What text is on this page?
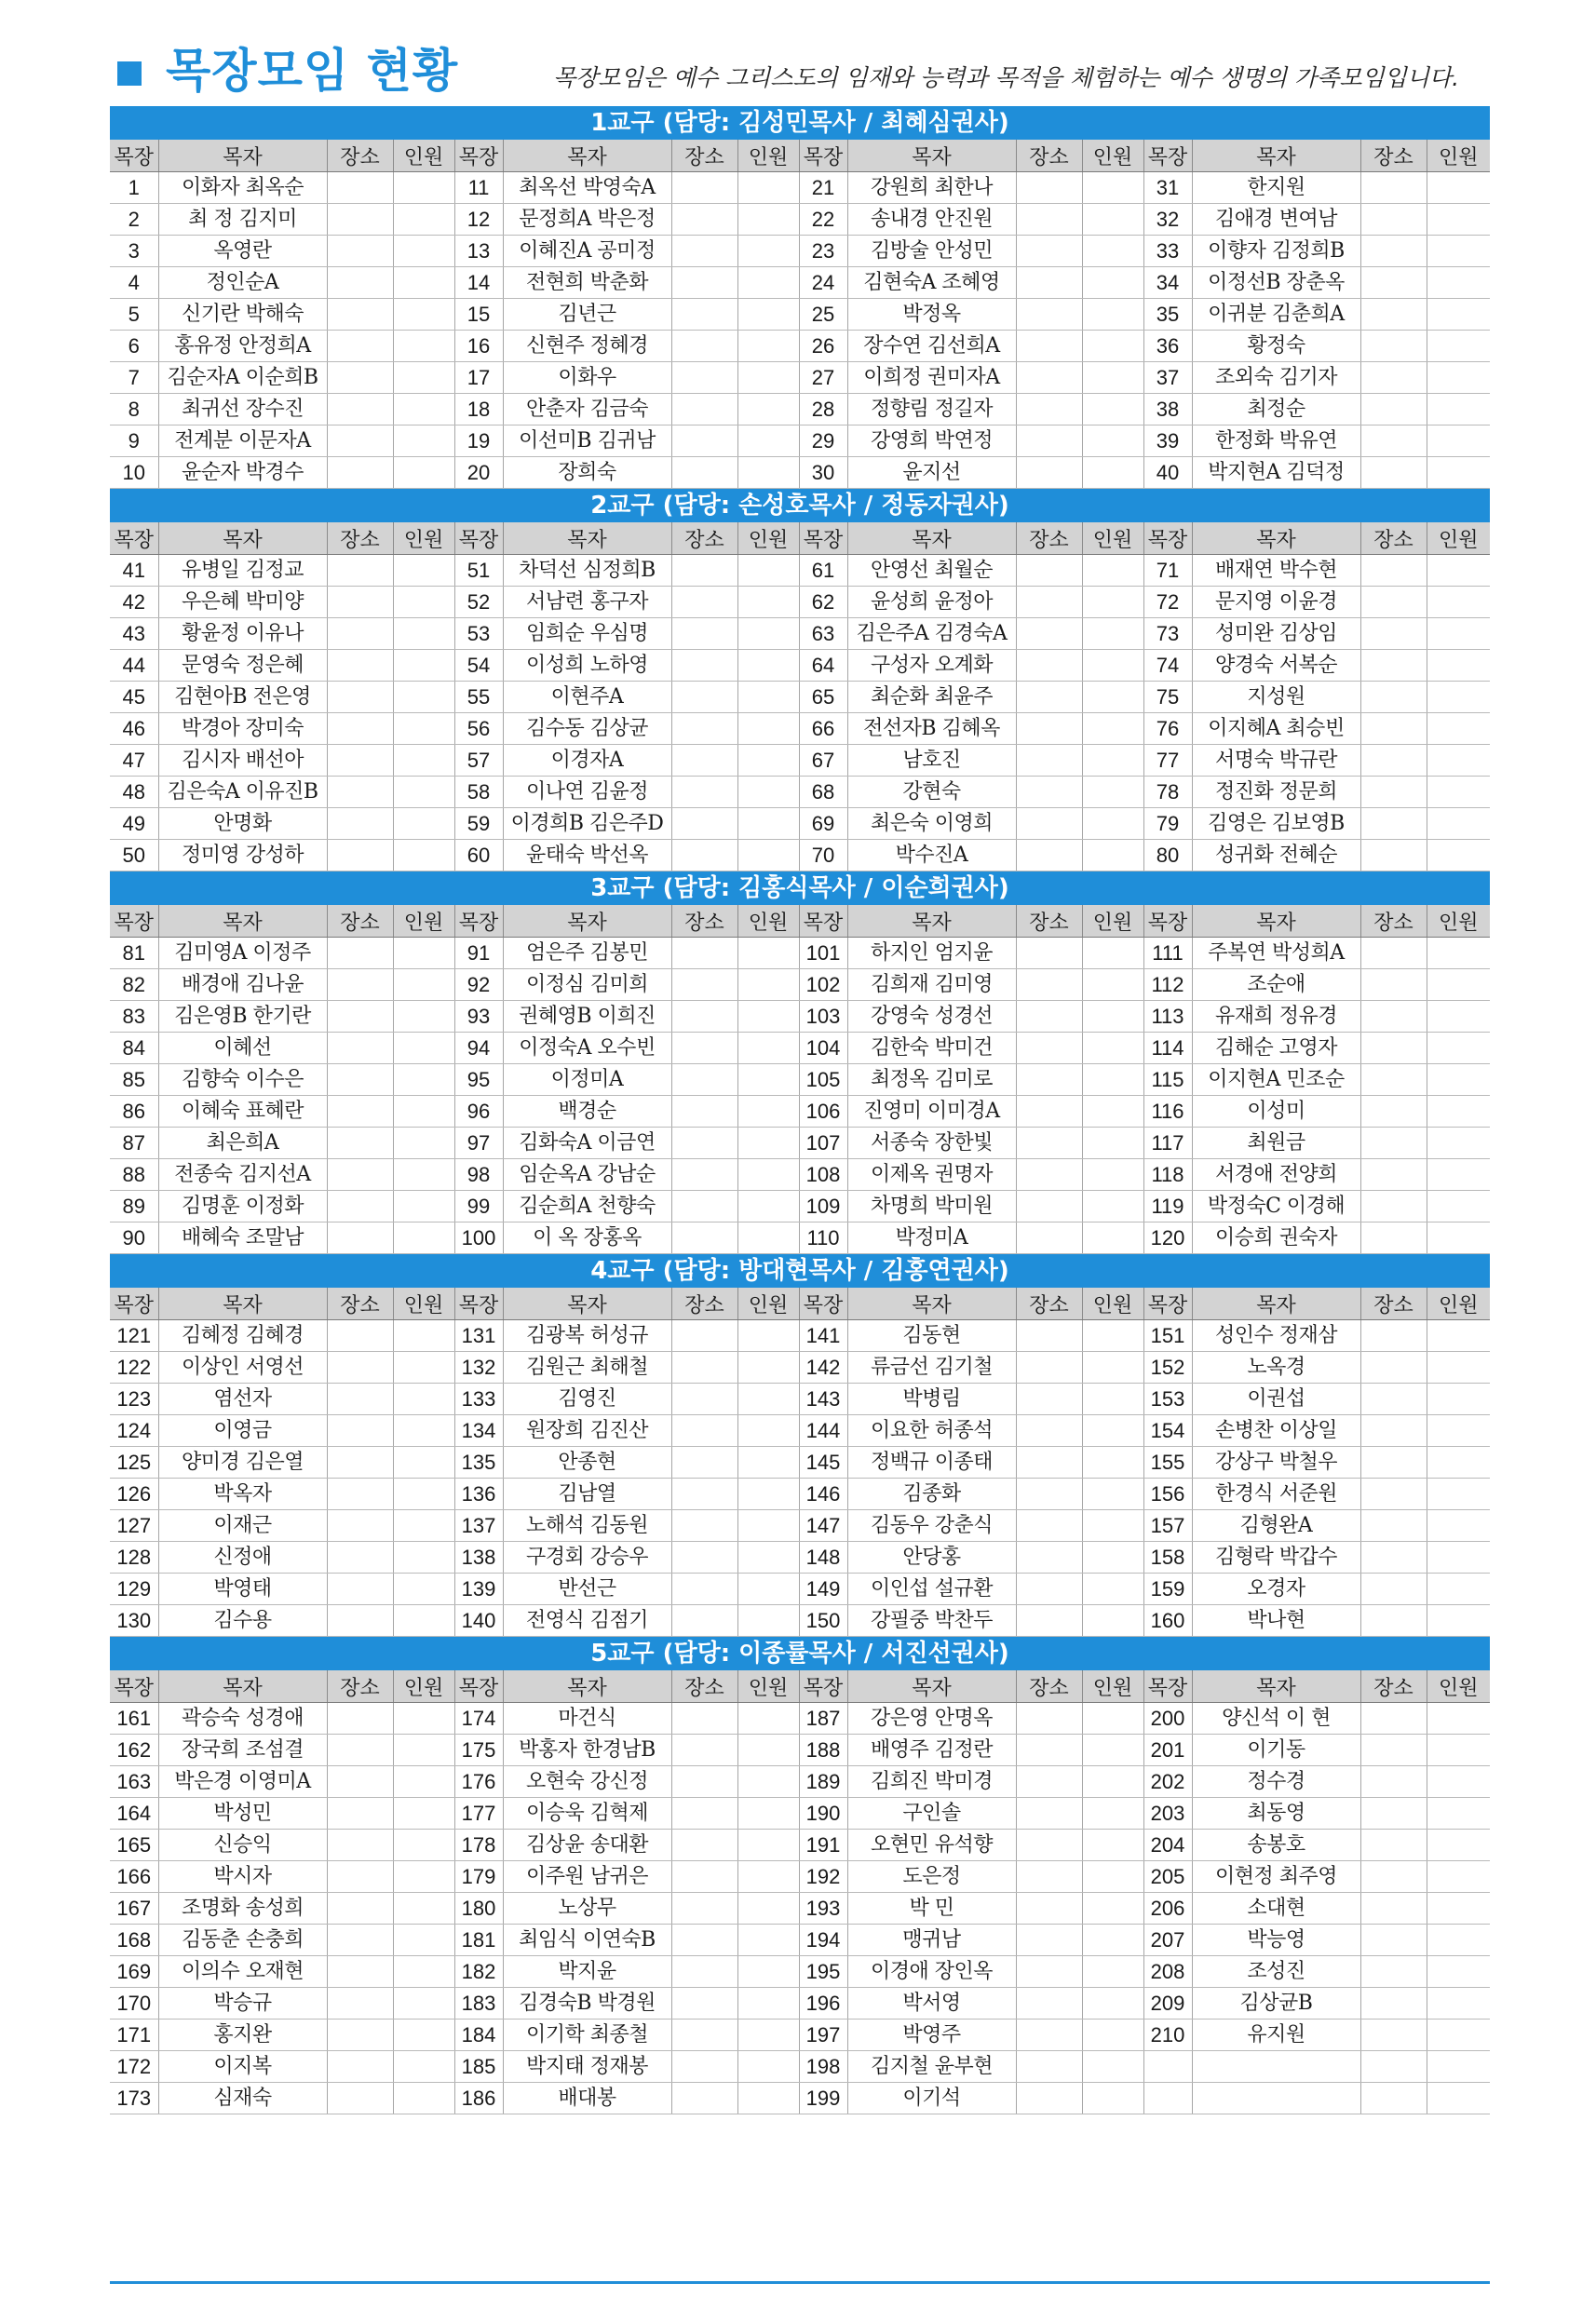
목장모임 현황	목장모임은 예수 그리스도의 임재와 능력과 목적을 체험하는 예수 생명의 가족모임입니다.
1교구 (담당: 김성민목사 / 최혜심권사)
목장	목자	장소	인원	목장	목자	장소	인원	목장	목자	장소	인원	목장	목자	장소	인원
1	이화자 최옥순			11	최옥선 박영숙A			21	강원희 최한나			31	한지원		
2	최 정 김지미			12	문정희A 박은정			22	송내경 안진원			32	김애경 변여남		
3	옥영란			13	이혜진A 공미정			23	김방술 안성민			33	이향자 김정희B		
4	정인순A			14	전현희 박춘화			24	김현숙A 조혜영			34	이정선B 장춘옥		
5	신기란 박해숙			15	김년근			25	박정옥			35	이귀분 김춘희A		
6	홍유정 안정희A			16	신현주 정혜경			26	장수연 김선희A			36	황정숙		
7	김순자A 이순희B			17	이화우			27	이희정 권미자A			37	조외숙 김기자		
8	최귀선 장수진			18	안춘자 김금숙			28	정향림 정길자			38	최정순		
9	전계분 이문자A			19	이선미B 김귀남			29	강영희 박연정			39	한정화 박유연		
10	윤순자 박경수			20	장희숙			30	윤지선			40	박지현A 김덕정		
2교구 (담당: 손성호목사 / 정동자권사)
목장	목자	장소	인원	목장	목자	장소	인원	목장	목자	장소	인원	목장	목자	장소	인원
41	유병일 김정교			51	차덕선 심정희B			61	안영선 최월순			71	배재연 박수현		
42	우은혜 박미양			52	서남련 홍구자			62	윤성희 윤정아			72	문지영 이윤경		
43	황윤정 이유나			53	임희순 우심명			63	김은주A 김경숙A			73	성미완 김상임		
44	문영숙 정은혜			54	이성희 노하영			64	구성자 오계화			74	양경숙 서복순		
45	김현아B 전은영			55	이현주A			65	최순화 최윤주			75	지성원		
46	박경아 장미숙			56	김수동 김상균			66	전선자B 김혜옥			76	이지혜A 최승빈		
47	김시자 배선아			57	이경자A			67	남호진			77	서명숙 박규란		
48	김은숙A 이유진B			58	이나연 김윤정			68	강현숙			78	정진화 정문희		
49	안명화			59	이경희B 김은주D			69	최은숙 이영희			79	김영은 김보영B		
50	정미영 강성하			60	윤태숙 박선옥			70	박수진A			80	성귀화 전혜순		
3교구 (담당: 김홍식목사 / 이순희권사)
목장	목자	장소	인원	목장	목자	장소	인원	목장	목자	장소	인원	목장	목자	장소	인원
81	김미영A 이정주			91	엄은주 김봉민			101	하지인 엄지윤			111	주복연 박성희A		
82	배경애 김나윤			92	이정심 김미희			102	김희재 김미영			112	조순애		
83	김은영B 한기란			93	권혜영B 이희진			103	강영숙 성경선			113	유재희 정유경		
84	이혜선			94	이정숙A 오수빈			104	김한숙 박미건			114	김해순 고영자		
85	김향숙 이수은			95	이정미A			105	최정옥 김미로			115	이지현A 민조순		
86	이혜숙 표혜란			96	백경순			106	진영미 이미경A			116	이성미		
87	최은희A			97	김화숙A 이금연			107	서종숙 장한빛			117	최원금		
88	전종숙 김지선A			98	임순옥A 강남순			108	이제옥 권명자			118	서경애 전양희		
89	김명훈 이정화			99	김순희A 천향숙			109	차명희 박미원			119	박정숙C 이경해		
90	배혜숙 조말남			100	이 옥 장홍옥			110	박정미A			120	이승희 권숙자		
4교구 (담당: 방대현목사 / 김홍연권사)
목장	목자	장소	인원	목장	목자	장소	인원	목장	목자	장소	인원	목장	목자	장소	인원
121	김혜정 김혜경			131	김광복 허성규			141	김동현			151	성인수 정재삼		
122	이상인 서영선			132	김원근 최해철			142	류금선 김기철			152	노옥경		
123	염선자			133	김영진			143	박병림			153	이권섭		
124	이영금			134	원장희 김진산			144	이요한 허종석			154	손병찬 이상일		
125	양미경 김은열			135	안종현			145	정백규 이종태			155	강상구 박철우		
126	박옥자			136	김남열			146	김종화			156	한경식 서준원		
127	이재근			137	노해석 김동원			147	김동우 강춘식			157	김형완A		
128	신정애			138	구경회 강승우			148	안당홍			158	김형락 박갑수		
129	박영태			139	반선근			149	이인섭 설규환			159	오경자		
130	김수용			140	전영식 김점기			150	강필중 박찬두			160	박나현		
5교구 (담당: 이종률목사 / 서진선권사)
목장	목자	장소	인원	목장	목자	장소	인원	목장	목자	장소	인원	목장	목자	장소	인원
161	곽승숙 성경애			174	마건식			187	강은영 안명옥			200	양신석 이 현		
162	장국희 조섬결			175	박홍자 한경남B			188	배영주 김정란			201	이기동		
163	박은경 이영미A			176	오현숙 강신정			189	김희진 박미경			202	정수경		
164	박성민			177	이승욱 김혁제			190	구인솔			203	최동영		
165	신승익			178	김상윤 송대환			191	오현민 유석향			204	송봉호		
166	박시자			179	이주원 남귀은			192	도은정			205	이현정 최주영		
167	조명화 송성희			180	노상무			193	박 민			206	소대현		
168	김동춘 손충희			181	최임식 이연숙B			194	맹귀남			207	박능영		
169	이의수 오재현			182	박지윤			195	이경애 장인옥			208	조성진		
170	박승규			183	김경숙B 박경원			196	박서영			209	김상균B		
171	홍지완			184	이기학 최종철			197	박영주			210	유지원		
172	이지복			185	박지태 정재봉			198	김지철 윤부현						
173	심재숙			186	배대봉			199	이기석						
